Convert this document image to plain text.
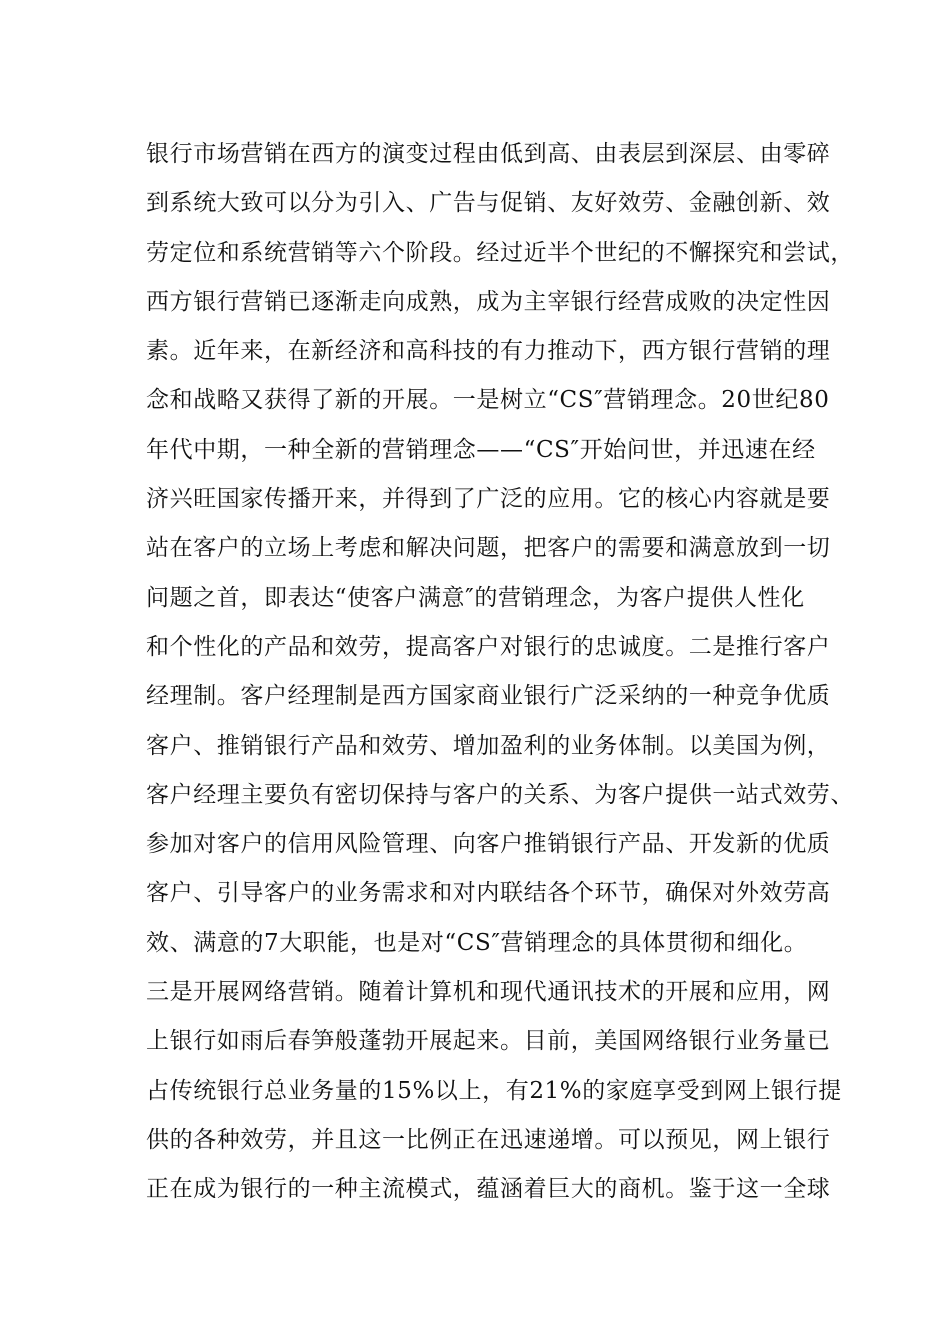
银行市场营销在西方的演变过程由低到高、由表层到深层、由零碎
到系统大致可以分为引入、广告与促销、友好效劳、金融创新、效
劳定位和系统营销等六个阶段。经过近半个世纪的不懈探究和尝试，
西方银行营销已逐渐走向成熟，成为主宰银行经营成败的决定性因
素。近年来，在新经济和高科技的有力推动下，西方银行营销的理
念和战略又获得了新的开展。一是树立“CS″营销理念。20世纪80
年代中期，一种全新的营销理念——“CS″开始问世，并迅速在经
济兴旺国家传播开来，并得到了广泛的应用。它的核心内容就是要
站在客户的立场上考虑和解决问题，把客户的需要和满意放到一切
问题之首，即表达“使客户满意″的营销理念，为客户提供人性化
和个性化的产品和效劳，提高客户对银行的忠诚度。二是推行客户
经理制。客户经理制是西方国家商业银行广泛采纳的一种竞争优质
客户、推销银行产品和效劳、增加盈利的业务体制。以美国为例，
客户经理主要负有密切保持与客户的关系、为客户提供一站式效劳、
参加对客户的信用风险管理、向客户推销银行产品、开发新的优质
客户、引导客户的业务需求和对内联结各个环节，确保对外效劳高
效、满意的7大职能，也是对“CS″营销理念的具体贯彻和细化。
三是开展网络营销。随着计算机和现代通讯技术的开展和应用，网
上银行如雨后春笋般蓬勃开展起来。目前，美国网络银行业务量已
占传统银行总业务量的15%以上，有21%的家庭享受到网上银行提
供的各种效劳，并且这一比例正在迅速递增。可以预见，网上银行
正在成为银行的一种主流模式，蕴涵着巨大的商机。鉴于这一全球
